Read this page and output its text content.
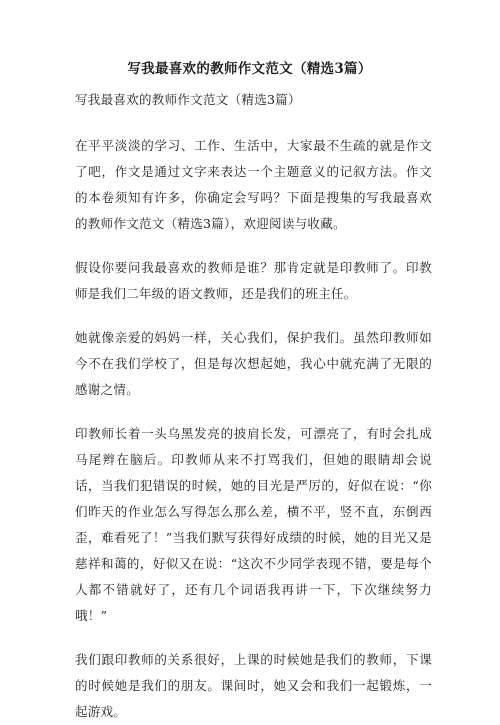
写我最喜欢的教师作文范文（精选3篇）
写我最喜欢的教师作文范文（精选3篇）

在平平淡淡的学习、工作、生活中，大家最不生疏的就是作文了吧，作文是通过文字来表达一个主题意义的记叙方法。作文的本卷须知有许多，你确定会写吗？下面是搜集的写我最喜欢的教师作文范文（精选3篇），欢迎阅读与收藏。

假设你要问我最喜欢的教师是谁？那肯定就是印教师了。印教师是我们二年级的语文教师，还是我们的班主任。

她就像亲爱的妈妈一样，关心我们，保护我们。虽然印教师如今不在我们学校了，但是每次想起她，我心中就充满了无限的感谢之情。

印教师长着一头乌黑发亮的披肩长发，可漂亮了，有时会扎成马尾辫在脑后。印教师从来不打骂我们，但她的眼睛却会说话，当我们犯错误的时候，她的目光是严厉的，好似在说：“你们昨天的作业怎么写得怎么那么差，横不平，竖不直，东倒西歪，难看死了！”当我们默写获得好成绩的时候，她的目光又是慈祥和蔼的，好似又在说：“这次不少同学表现不错，要是每个人都不错就好了，还有几个词语我再讲一下，下次继续努力哦！”

我们跟印教师的关系很好，上课的时候她是我们的教师，下课的时候她是我们的朋友。课间时，她又会和我们一起锻炼，一起游戏。
